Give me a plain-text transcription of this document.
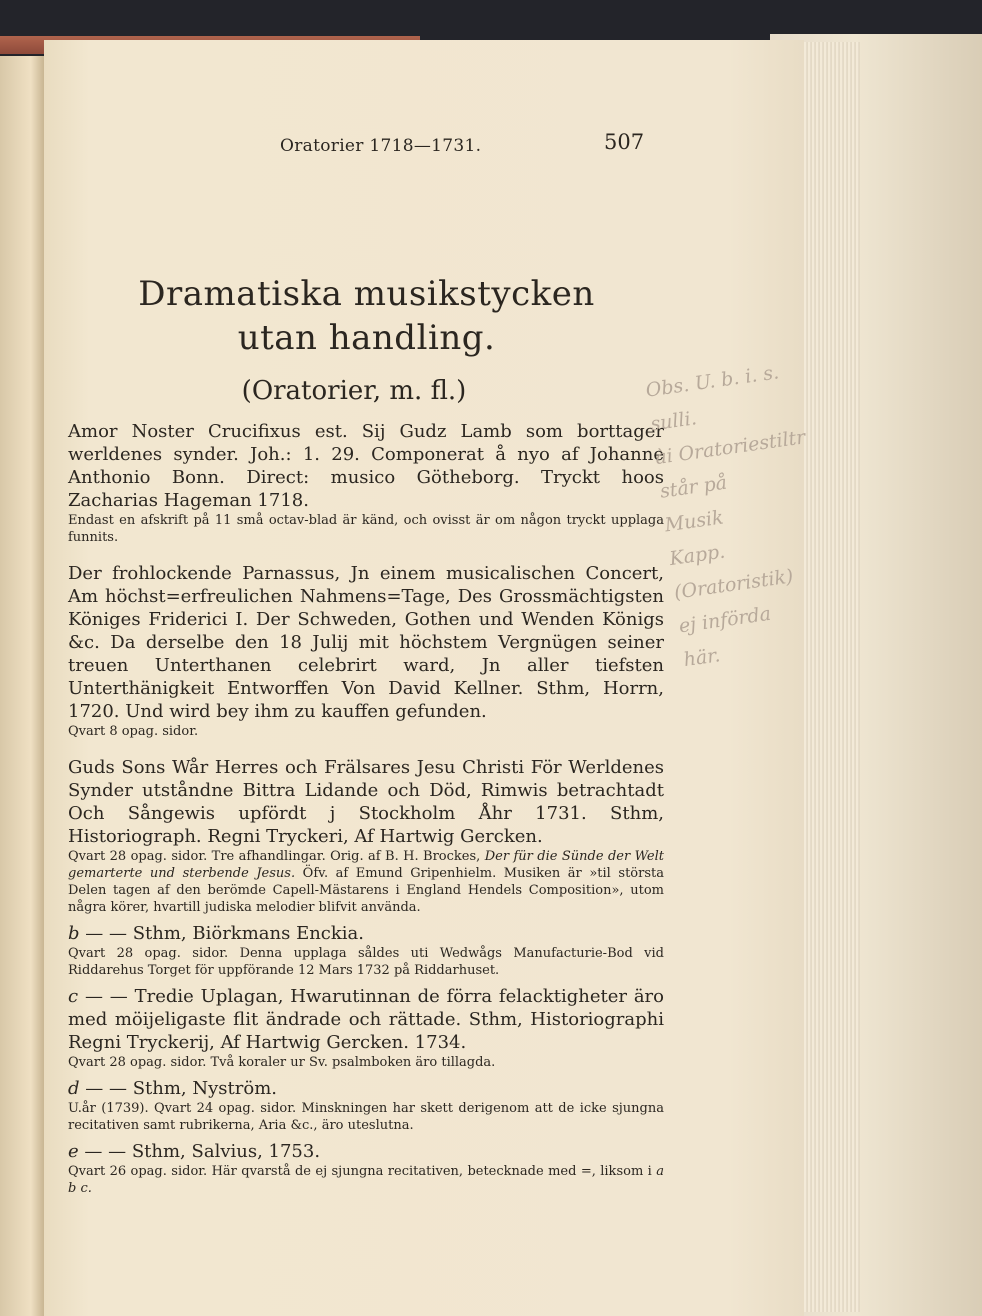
Oratorier 1718—1731.	507
Dramatiska musikstycken
utan handling.
(Oratorier, m. fl.)

Amor Noster Crucifixus est. Sij Gudz Lamb som borttager werldenes synder. Joh.: 1. 29. Componerat å nyo af Johanne Anthonio Bonn. Direct: musico Götheborg. Tryckt hoos Zacharias Hageman 1718.

Endast en afskrift på 11 små octav-blad är känd, och ovisst är om någon tryckt upplaga funnits.

Der frohlockende Parnassus, Jn einem musicalischen Concert, Am höchst=erfreulichen Nahmens=Tage, Des Grossmächtigsten Königes Friderici I. Der Schweden, Gothen und Wenden Königs &c. Da derselbe den 18 Julij mit höchstem Vergnügen seiner treuen Unterthanen celebrirt ward, Jn aller tiefsten Unterthänigkeit Entworffen Von David Kellner. Sthm, Horrn, 1720. Und wird bey ihm zu kauffen gefunden.

Qvart 8 opag. sidor.

Guds Sons Wår Herres och Frälsares Jesu Christi För Werldenes Synder utståndne Bittra Lidande och Död, Rimwis betrachtadt Och Sångewis upfördt j Stockholm Åhr 1731. Sthm, Historiograph. Regni Tryckeri, Af Hartwig Gercken.

Qvart 28 opag. sidor. Tre afhandlingar. Orig. af B. H. Brockes, Der für die Sünde der Welt gemarterte und sterbende Jesus. Öfv. af Emund Gripenhielm. Musiken är »til största Delen tagen af den berömde Capell-Mästarens i England Hendels Composition», utom några körer, hvartill judiska melodier blifvit använda.

b — — Sthm, Biörkmans Enckia.

Qvart 28 opag. sidor. Denna upplaga såldes uti Wedwågs Manufacturie-Bod vid Riddarehus Torget för uppförande 12 Mars 1732 på Riddarhuset.

c — — Tredie Uplagan, Hwarutinnan de förra felacktigheter äro med möijeligaste flit ändrade och rättade. Sthm, Historiographi Regni Tryckerij, Af Hartwig Gercken. 1734.

Qvart 28 opag. sidor. Två koraler ur Sv. psalmboken äro tillagda.

d — — Sthm, Nyström.

U.år (1739). Qvart 24 opag. sidor. Minskningen har skett derigenom att de icke sjungna recitativen samt rubrikerna, Aria &c., äro uteslutna.

e — — Sthm, Salvius, 1753.

Qvart 26 opag. sidor. Här qvarstå de ej sjungna recitativen, betecknade med =, liksom i a b c.

Obs. U. b. i. s. sulli.
ài Oratoriestiltr
står på
Musik
Kapp.
(Oratoristik)
ej införda
här.
